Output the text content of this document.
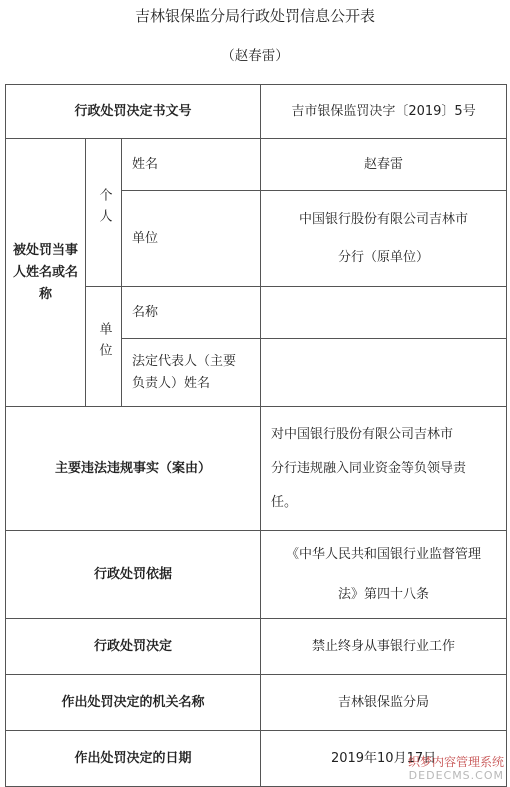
吉林银保监分局行政处罚信息公开表
（赵春雷）
行政处罚决定书文号			吉市银保监罚决字〔2019〕5号
被处罚当事人姓名或名称	个人	姓名	赵春雷
		单位	中国银行股份有限公司吉林市
分行（原单位）

	单位	名称	

		法定代表人（主要
负责人）姓名	

主要违法违规事实（案由）			对中国银行股份有限公司吉林市
分行违规融入同业资金等负领导责
任。

行政处罚依据			《中华人民共和国银行业监督管理
法》第四十八条

行政处罚决定			禁止终身从事银行业工作
作出处罚决定的机关名称			吉林银保监分局
作出处罚决定的日期			2019年10月17日
织梦内容管理系统
DEDECMS.COM
